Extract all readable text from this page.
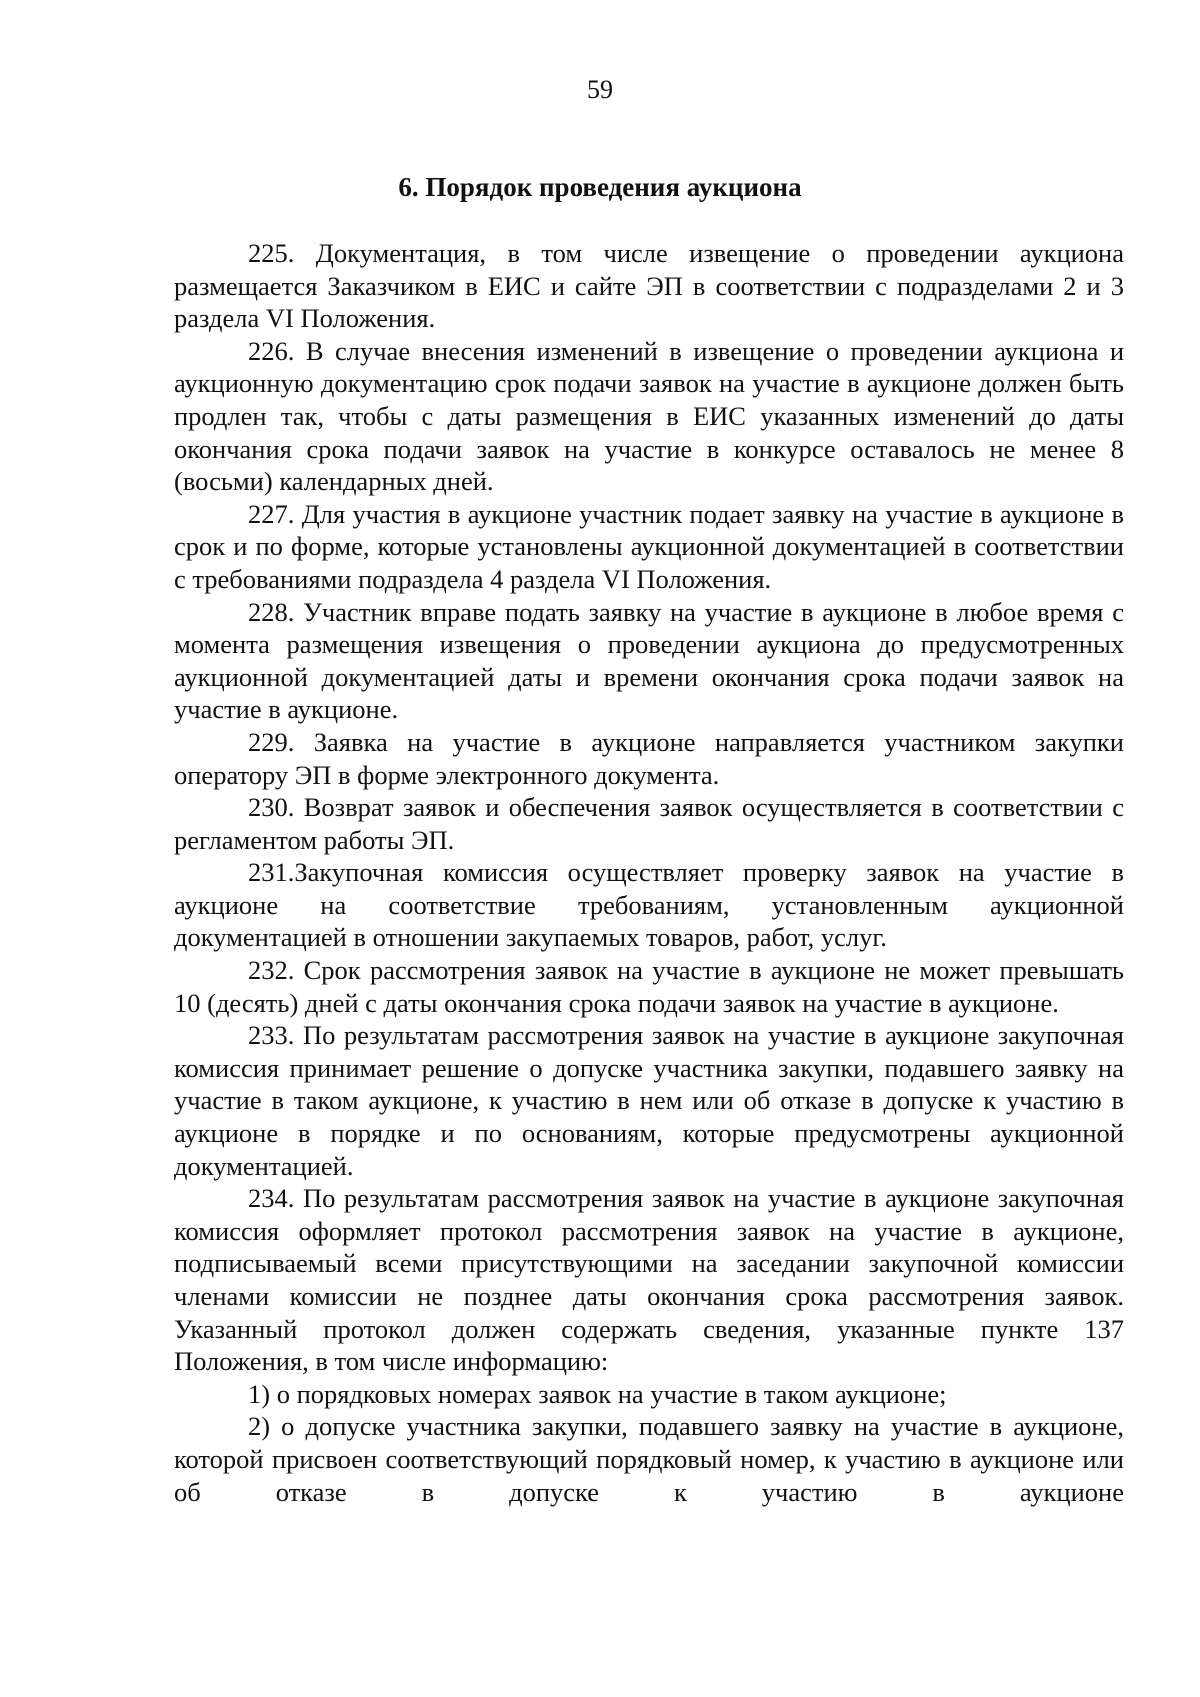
59
6. Порядок проведения аукциона

225. Документация, в том числе извещение о проведении аукциона размещается Заказчиком в ЕИС и сайте ЭП в соответствии с подразделами 2 и 3 раздела VI Положения.

226. В случае внесения изменений в извещение о проведении аукциона и аукционную документацию срок подачи заявок на участие в аукционе должен быть продлен так, чтобы с даты размещения в ЕИС указанных изменений до даты окончания срока подачи заявок на участие в конкурсе оставалось не менее 8 (восьми) календарных дней.

227. Для участия в аукционе участник подает заявку на участие в аукционе в срок и по форме, которые установлены аукционной документацией в соответствии с требованиями подраздела 4 раздела VI Положения.

228. Участник вправе подать заявку на участие в аукционе в любое время с момента размещения извещения о проведении аукциона до предусмотренных аукционной документацией даты и времени окончания срока подачи заявок на участие в аукционе.

229. Заявка на участие в аукционе направляется участником закупки оператору ЭП в форме электронного документа.

230. Возврат заявок и обеспечения заявок осуществляется в соответствии с регламентом работы ЭП.

231.Закупочная комиссия осуществляет проверку заявок на участие в аукционе на соответствие требованиям, установленным аукционной документацией в отношении закупаемых товаров, работ, услуг.

232. Срок рассмотрения заявок на участие в аукционе не может превышать 10 (десять) дней с даты окончания срока подачи заявок на участие в аукционе.

233. По результатам рассмотрения заявок на участие в аукционе закупочная комиссия принимает решение о допуске участника закупки, подавшего заявку на участие в таком аукционе, к участию в нем или об отказе в допуске к участию в аукционе в порядке и по основаниям, которые предусмотрены аукционной документацией.

234. По результатам рассмотрения заявок на участие в аукционе закупочная комиссия оформляет протокол рассмотрения заявок на участие в аукционе, подписываемый всеми присутствующими на заседании закупочной комиссии членами комиссии не позднее даты окончания срока рассмотрения заявок. Указанный протокол должен содержать сведения, указанные пункте 137 Положения, в том числе информацию:

1) о порядковых номерах заявок на участие в таком аукционе;

2) о допуске участника закупки, подавшего заявку на участие в аукционе, которой присвоен соответствующий порядковый номер, к участию в аукционе или об отказе в допуске к участию в аукционе
